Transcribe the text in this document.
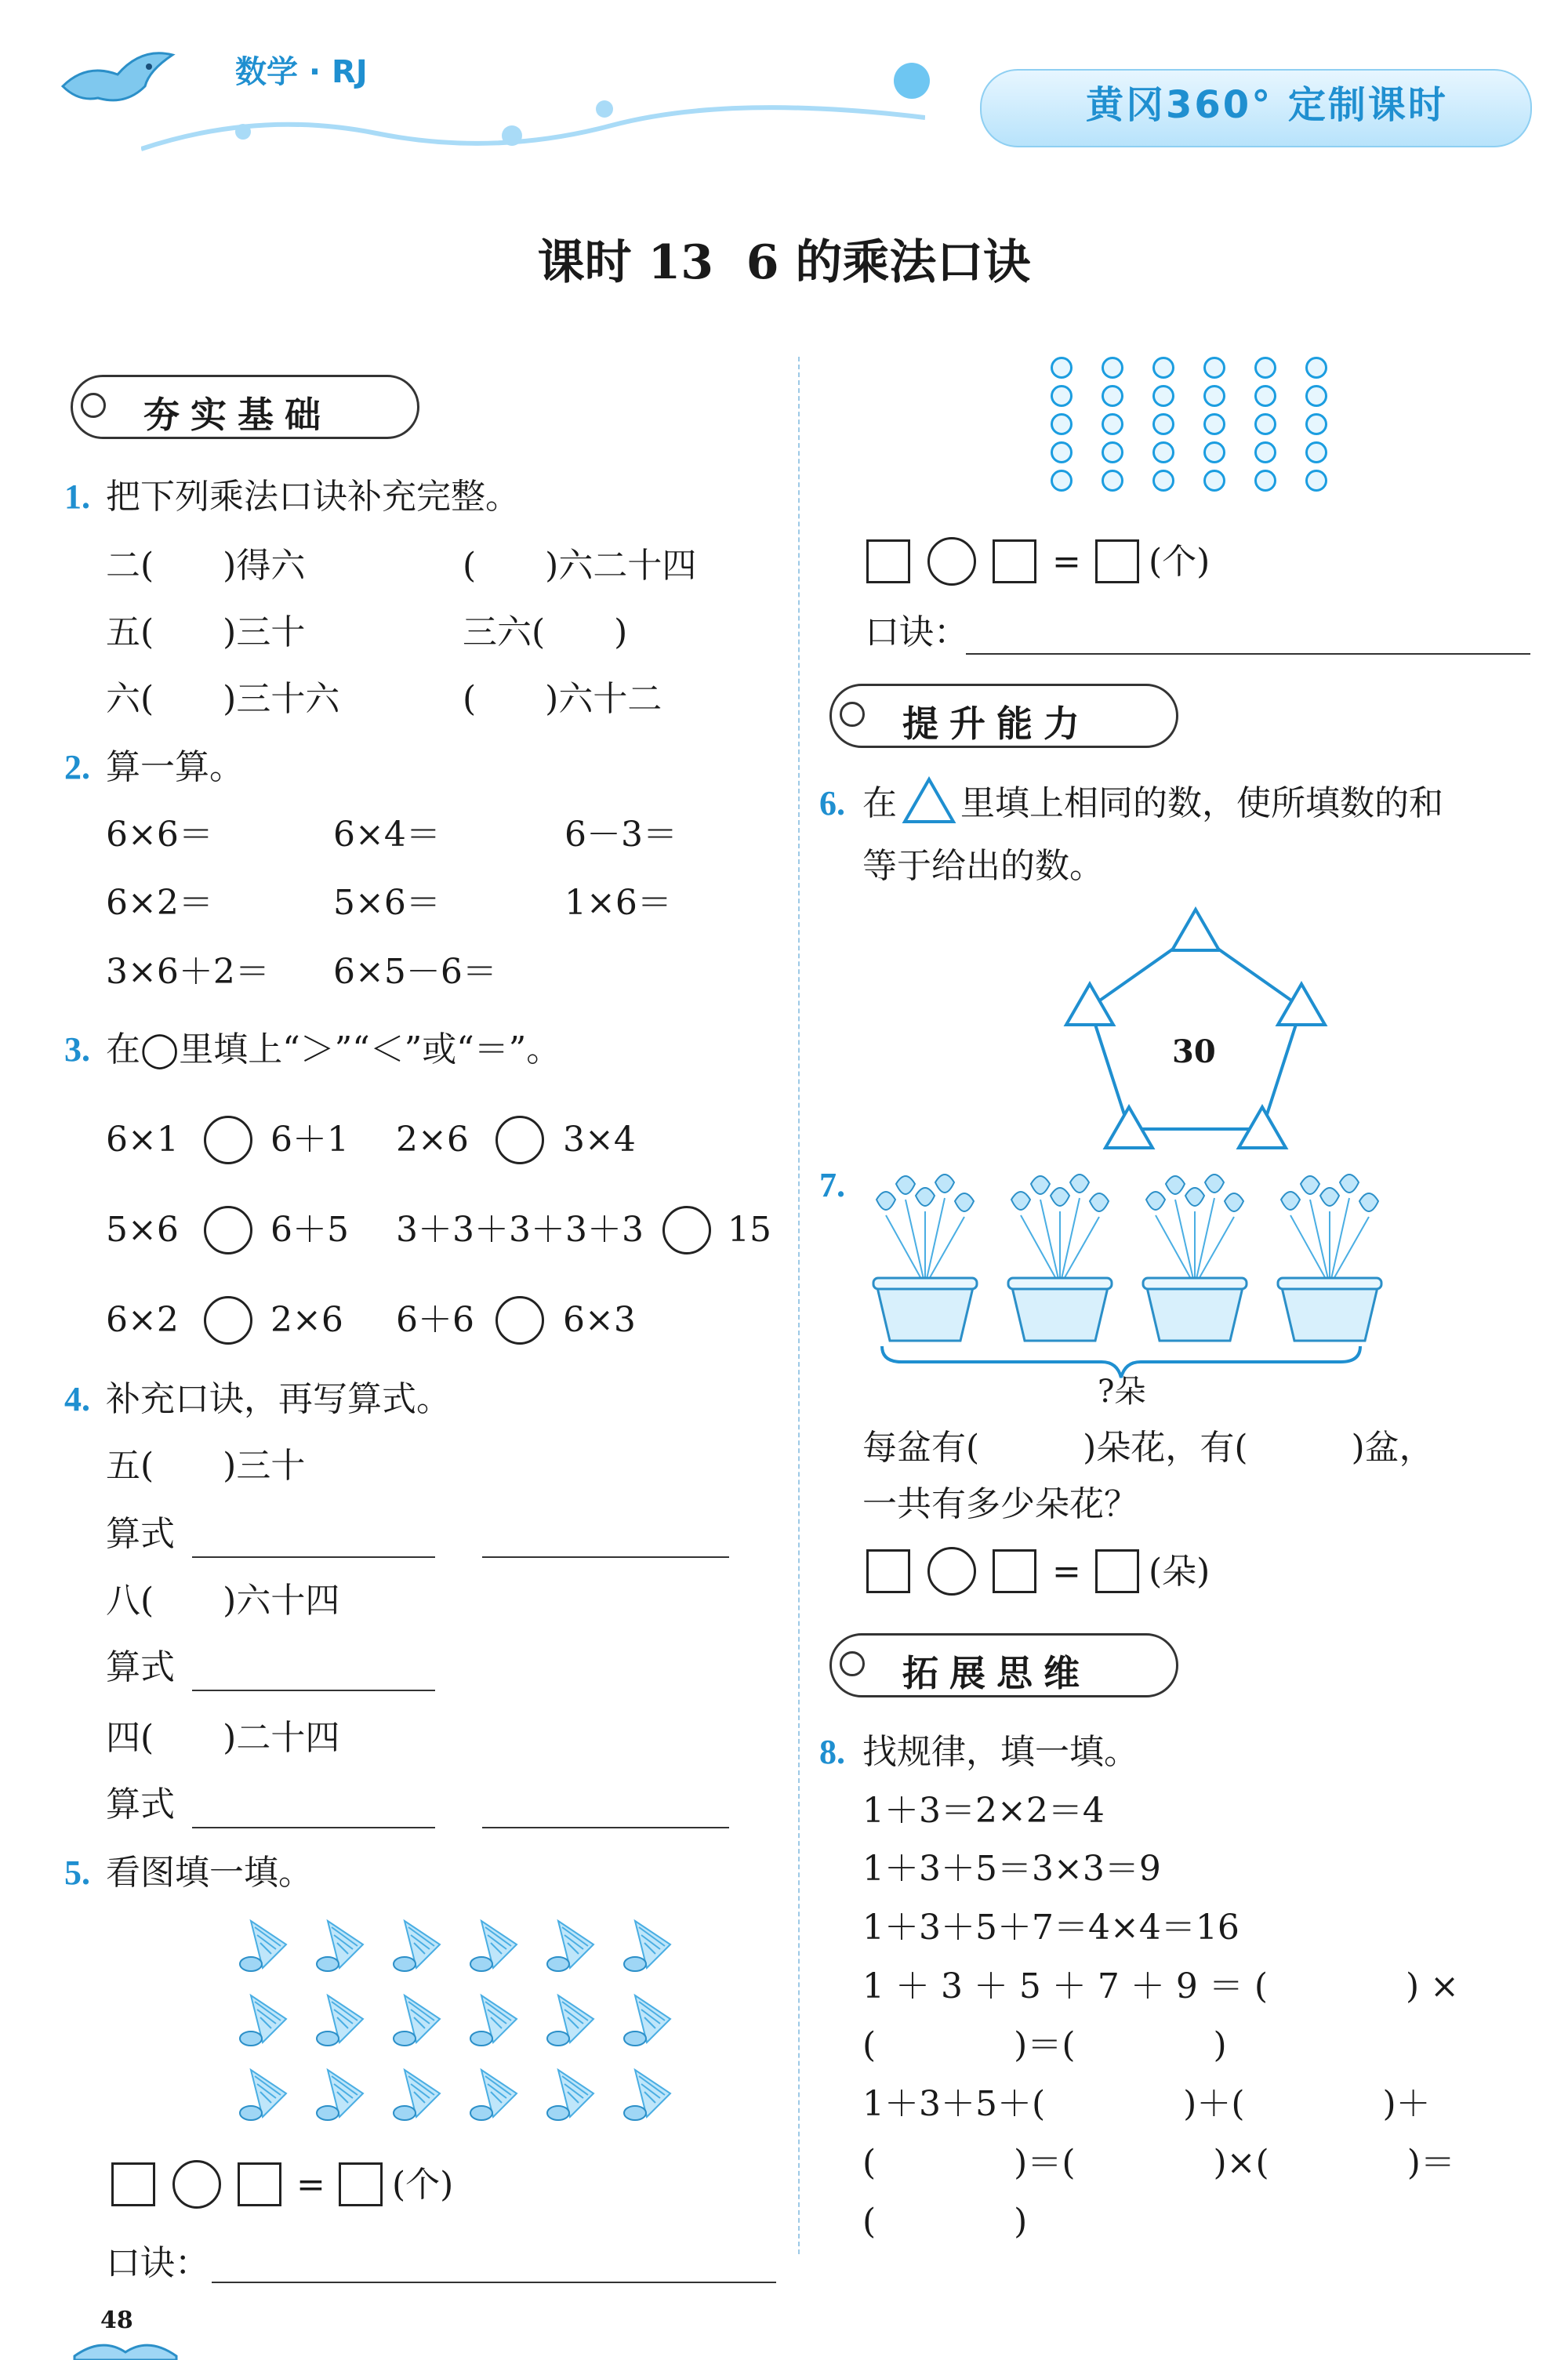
数学 · RJ
黄冈360° 定制课时
课时 13  6 的乘法口诀
夯实基础
1. 把下列乘法口诀补充完整。
二(　　)得六	(　　)六二十四
五(　　)三十	三六(　　)
六(　　)三十六	(　　)六十二
2. 算一算。
6×6＝	6×4＝	6－3＝
6×2＝	5×6＝	1×6＝
3×6＋2＝ 6×5－6＝
3. 在◯里填上“＞”“＜”或“＝”。
6×1	6＋1 2×6	3×4
5×6	6＋5 3＋3＋3＋3＋3 15
6×2	2×6 6＋6	6×3
4. 补充口诀，再写算式。
五(　　)三十
算式
八(　　)六十四
算式
四(　　)二十四
算式
5. 看图填一填。
= (个)
口诀：
48
= (个)
口诀：
提升能力
6. 在 里填上相同的数，使所填数的和
等于给出的数。
30
7.
?朵
每盆有(　　　)朵花，有(　　　)盆，
一共有多少朵花？
= (朵)
拓展思维
8. 找规律，填一填。
1＋3＝2×2＝4
1＋3＋5＝3×3＝9
1＋3＋5＋7＝4×4＝16
1 ＋ 3 ＋ 5 ＋ 7 ＋ 9 ＝ (　　　　) ×
(　　　　)＝(　　　　)
1＋3＋5＋(　　　　)＋(　　　　)＋
(　　　　)＝(　　　　)×(　　　　)＝
(　　　　)
